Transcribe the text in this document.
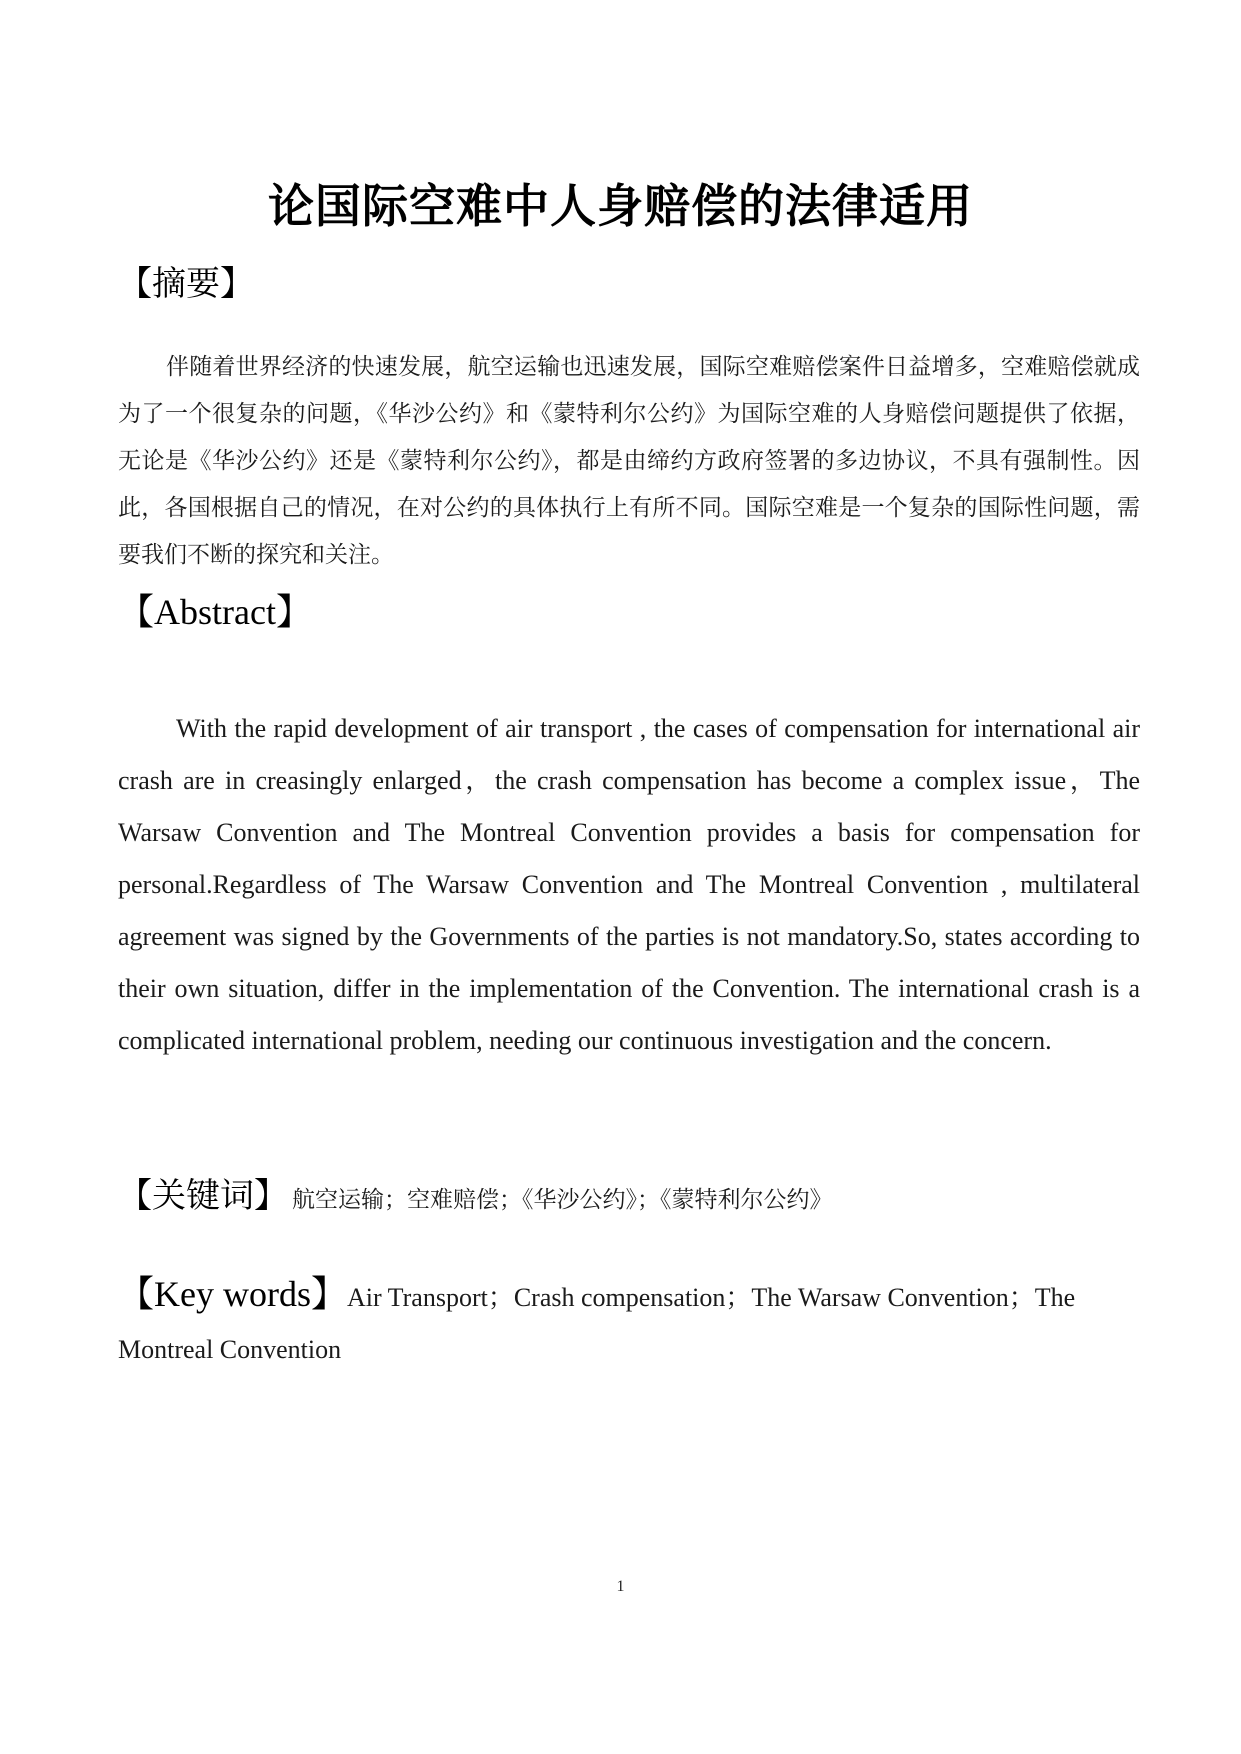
论国际空难中人身赔偿的法律适用
【摘要】
伴随着世界经济的快速发展，航空运输也迅速发展，国际空难赔偿案件日益增多，空难赔偿就成为了一个很复杂的问题，《华沙公约》和《蒙特利尔公约》为国际空难的人身赔偿问题提供了依据，无论是《华沙公约》还是《蒙特利尔公约》，都是由缔约方政府签署的多边协议，不具有强制性。因此，各国根据自己的情况，在对公约的具体执行上有所不同。国际空难是一个复杂的国际性问题，需要我们不断的探究和关注。
【Abstract】
With the rapid development of air transport , the cases of compensation for international air crash are in creasingly enlarged，the crash compensation has become a complex issue，The Warsaw Convention and The Montreal Convention provides a basis for compensation for personal.Regardless of The Warsaw Convention and The Montreal Convention , multilateral agreement was signed by the Governments of the parties is not mandatory.So, states according to their own situation, differ in the implementation of the Convention. The international crash is a complicated international problem, needing our continuous investigation and the concern.
【关键词】 航空运输；空难赔偿；《华沙公约》；《蒙特利尔公约》
【Key words】Air Transport；Crash compensation；The Warsaw Convention；The Montreal Convention
1
